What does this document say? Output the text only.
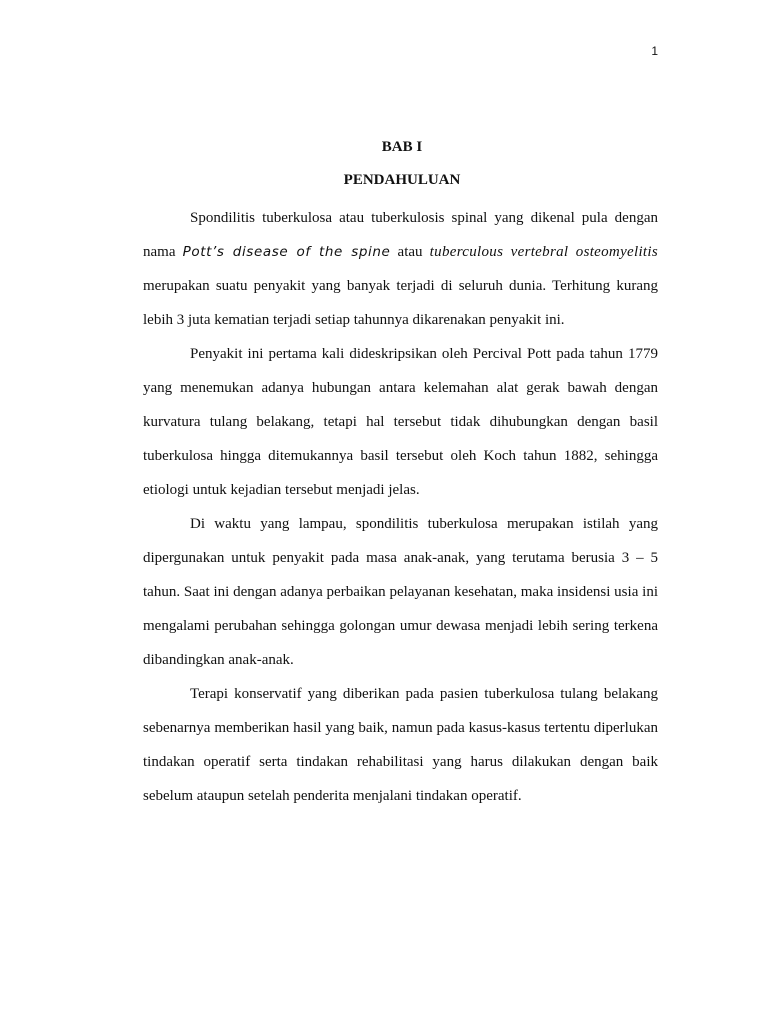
1
BAB I
PENDAHULUAN

Spondilitis tuberkulosa atau tuberkulosis spinal yang dikenal pula dengan nama Pott’s disease of the spine atau tuberculous vertebral osteomyelitis merupakan suatu penyakit yang banyak terjadi di seluruh dunia. Terhitung kurang lebih 3 juta kematian terjadi setiap tahunnya dikarenakan penyakit ini.

Penyakit ini pertama kali dideskripsikan oleh Percival Pott pada tahun 1779 yang menemukan adanya hubungan antara kelemahan alat gerak bawah dengan kurvatura tulang belakang, tetapi hal tersebut tidak dihubungkan dengan basil tuberkulosa hingga ditemukannya basil tersebut oleh Koch tahun 1882, sehingga etiologi untuk kejadian tersebut menjadi jelas.

Di waktu yang lampau, spondilitis tuberkulosa merupakan istilah yang dipergunakan untuk penyakit pada masa anak-anak, yang terutama berusia 3 – 5 tahun. Saat ini dengan adanya perbaikan pelayanan kesehatan, maka insidensi usia ini mengalami perubahan sehingga golongan umur dewasa menjadi lebih sering terkena dibandingkan anak-anak.

Terapi konservatif yang diberikan pada pasien tuberkulosa tulang belakang sebenarnya memberikan hasil yang baik, namun pada kasus-kasus tertentu diperlukan tindakan operatif serta tindakan rehabilitasi yang harus dilakukan dengan baik sebelum ataupun setelah penderita menjalani tindakan operatif.
